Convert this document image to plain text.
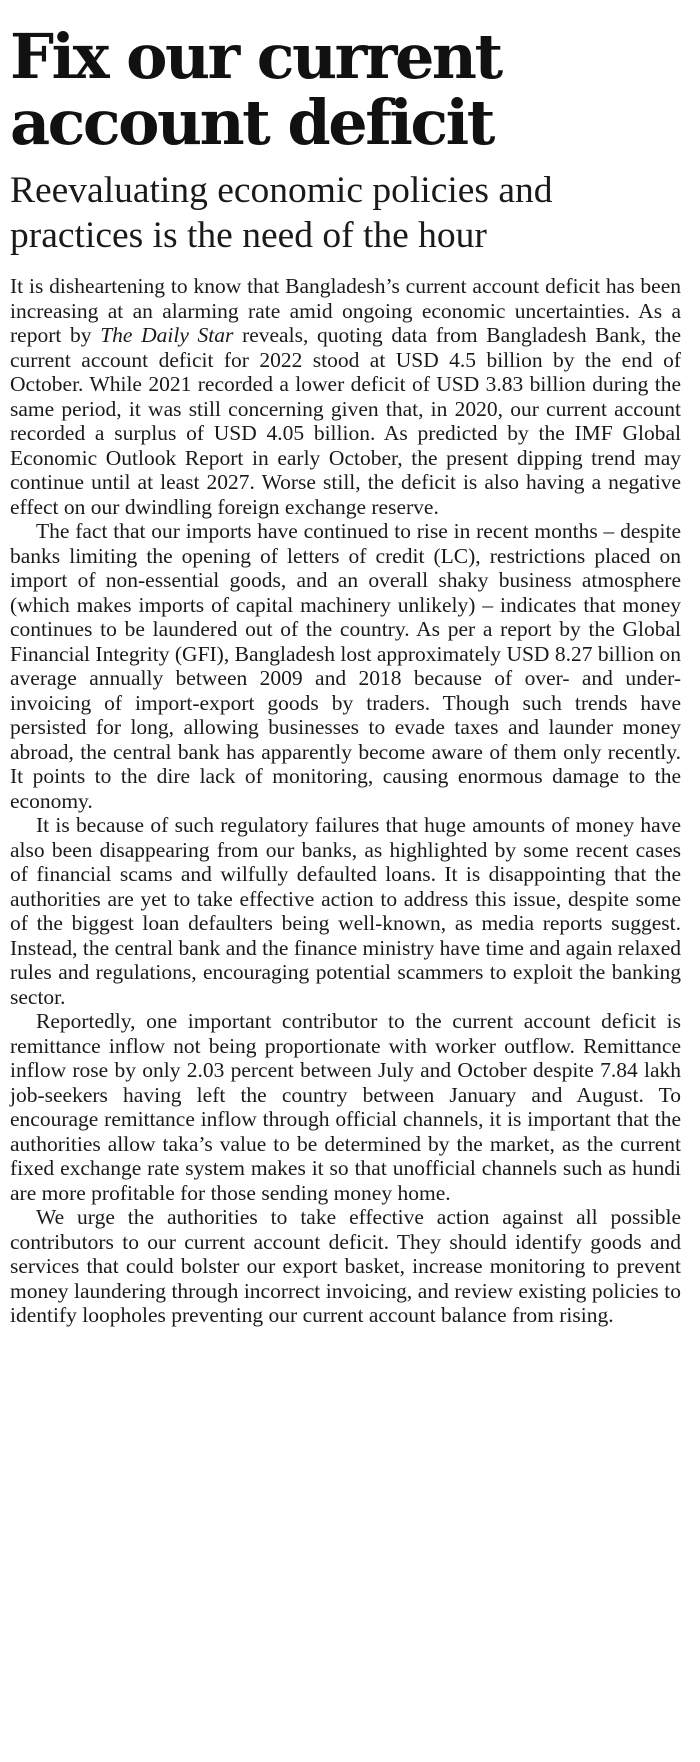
Fix our current account deficit
Reevaluating economic policies and practices is the need of the hour

It is disheartening to know that Bangladesh’s current account deficit has been increasing at an alarming rate amid ongoing economic uncertainties. As a report by The Daily Star reveals, quoting data from Bangladesh Bank, the current account deficit for 2022 stood at USD 4.5 billion by the end of October. While 2021 recorded a lower deficit of USD 3.83 billion during the same period, it was still concerning given that, in 2020, our current account recorded a surplus of USD 4.05 billion. As predicted by the IMF Global Economic Outlook Report in early October, the present dipping trend may continue until at least 2027. Worse still, the deficit is also having a negative effect on our dwindling foreign exchange reserve.

The fact that our imports have continued to rise in recent months – despite banks limiting the opening of letters of credit (LC), restrictions placed on import of non-essential goods, and an overall shaky business atmosphere (which makes imports of capital machinery unlikely) – indicates that money continues to be laundered out of the country. As per a report by the Global Financial Integrity (GFI), Bangladesh lost approximately USD 8.27 billion on average annually between 2009 and 2018 because of over- and under-invoicing of import-export goods by traders. Though such trends have persisted for long, allowing businesses to evade taxes and launder money abroad, the central bank has apparently become aware of them only recently. It points to the dire lack of monitoring, causing enormous damage to the economy.

It is because of such regulatory failures that huge amounts of money have also been disappearing from our banks, as highlighted by some recent cases of financial scams and wilfully defaulted loans. It is disappointing that the authorities are yet to take effective action to address this issue, despite some of the biggest loan defaulters being well-known, as media reports suggest. Instead, the central bank and the finance ministry have time and again relaxed rules and regulations, encouraging potential scammers to exploit the banking sector.

Reportedly, one important contributor to the current account deficit is remittance inflow not being proportionate with worker outflow. Remittance inflow rose by only 2.03 percent between July and October despite 7.84 lakh job-seekers having left the country between January and August. To encourage remittance inflow through official channels, it is important that the authorities allow taka’s value to be determined by the market, as the current fixed exchange rate system makes it so that unofficial channels such as hundi are more profitable for those sending money home.

We urge the authorities to take effective action against all possible contributors to our current account deficit. They should identify goods and services that could bolster our export basket, increase monitoring to prevent money laundering through incorrect invoicing, and review existing policies to identify loopholes preventing our current account balance from rising.
